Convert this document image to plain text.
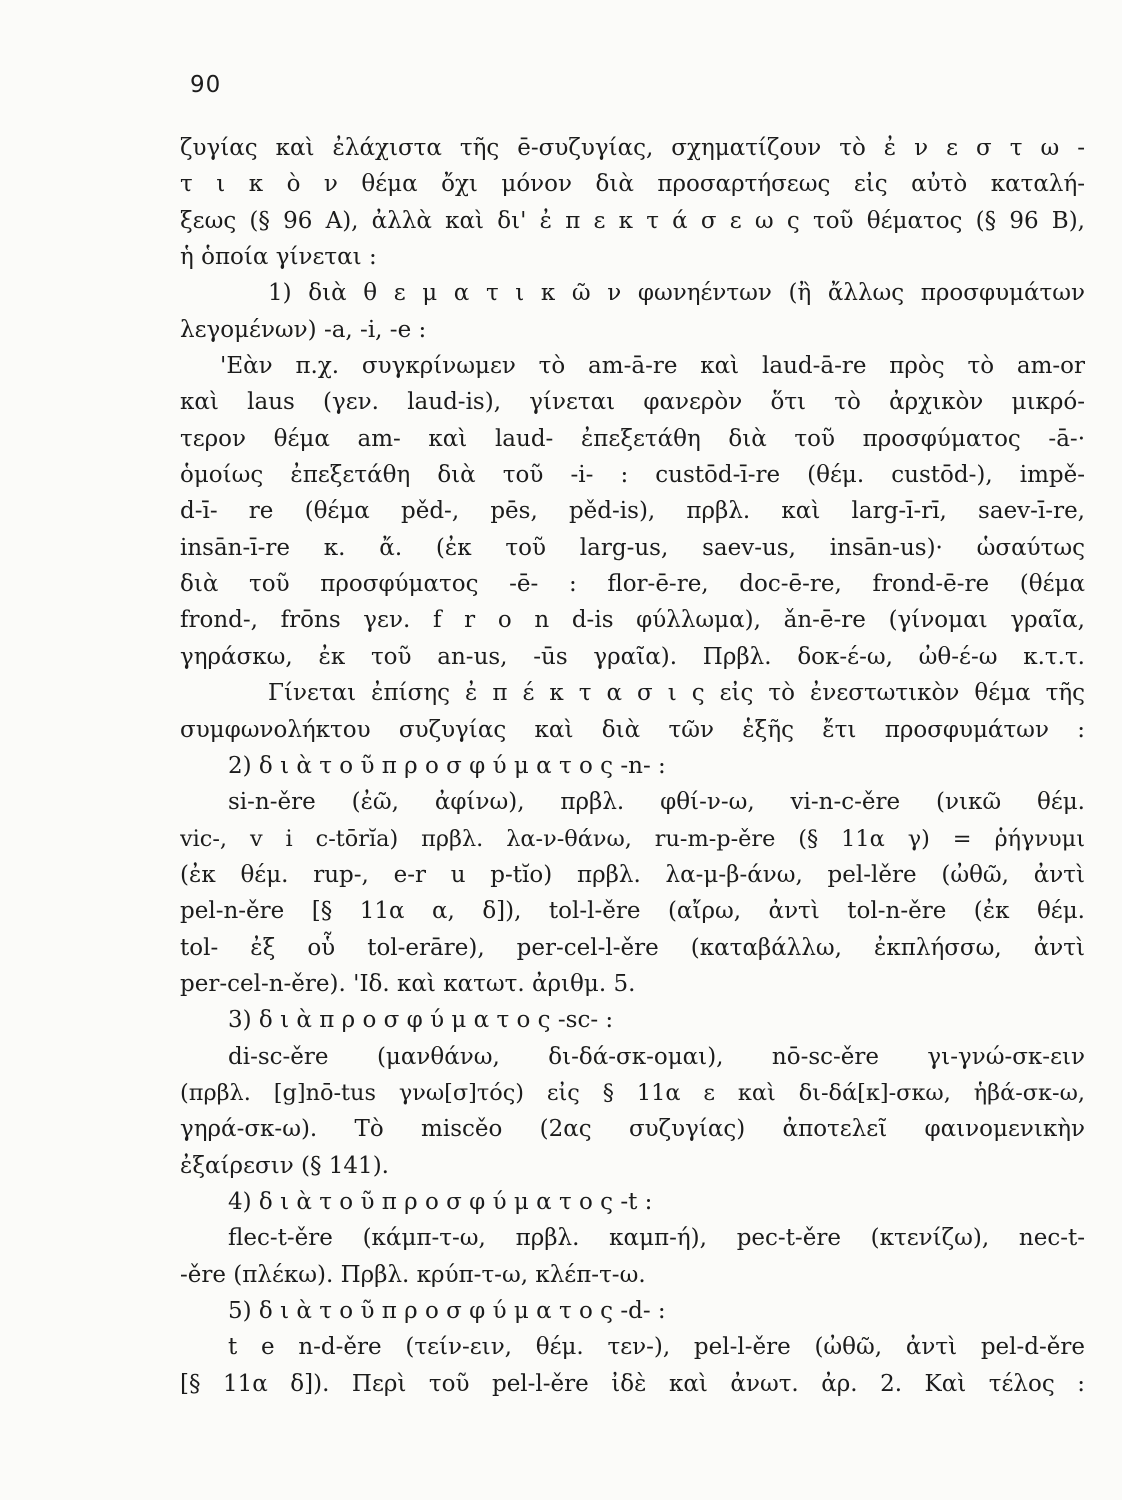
90
ζυγίας καὶ ἐλάχιστα τῆς ē-συζυγίας, σχηματίζουν τὸ ἐ ν ε σ τ ω -
τ ι κ ὸ ν θέμα ὄχι μόνον διὰ προσαρτήσεως εἰς αὐτὸ καταλή-
ξεως (§ 96 Α), ἀλλὰ καὶ δι' ἐ π ε κ τ ά σ ε ω ς τοῦ θέματος (§ 96 Β),
ἡ ὁποία γίνεται :
1) διὰ θ ε μ α τ ι κ ῶ ν φωνηέντων (ἢ ἄλλως προσφυμάτων
λεγομένων) -a, -i, -e :
'Εὰν π.χ. συγκρίνωμεν τὸ am-ā-re καὶ laud-ā-re πρὸς τὸ am-or
καὶ laus (γεν. laud-is), γίνεται φανερὸν ὅτι τὸ ἀρχικὸν μικρό-
τερον θέμα am- καὶ laud- ἐπεξετάθη διὰ τοῦ προσφύματος -ā-·
ὁμοίως ἐπεξετάθη διὰ τοῦ -i- : custōd-ī-re (θέμ. custōd-), impě-
d-ī- re (θέμα pěd-, pēs, pěd-is), πρβλ. καὶ larg-ī-rī, saev-ī-re,
insān-ī-re κ. ἄ. (ἐκ τοῦ larg-us, saev-us, insān-us)· ὡσαύτως
διὰ τοῦ προσφύματος -ē- : flor-ē-re, doc-ē-re, frond-ē-re (θέμα
frond-, frōns γεν. f r o n d-is φύλλωμα), ǎn-ē-re (γίνομαι γραῖα,
γηράσκω, ἐκ τοῦ an-us, -ūs γραῖα). Πρβλ. δοκ-έ-ω, ὠθ-έ-ω κ.τ.τ.
Γίνεται ἐπίσης ἐ π έ κ τ α σ ι ς εἰς τὸ ἐνεστωτικὸν θέμα τῆς
συμφωνολήκτου συζυγίας καὶ διὰ τῶν ἑξῆς ἔτι προσφυμάτων :
2) δ ι ὰ τ ο ῦ π ρ ο σ φ ύ μ α τ ο ς -n- :
si-n-ěre (ἐῶ, ἀφίνω), πρβλ. φθί-ν-ω, vi-n-c-ěre (νικῶ θέμ.
vic-, v i c-tōrĭa) πρβλ. λα-ν-θάνω, ru-m-p-ěre (§ 11α γ) = ῥήγνυμι
(ἐκ θέμ. rup-, e-r u p-tĭo) πρβλ. λα-μ-β-άνω, pel-lěre (ὠθῶ, ἀντὶ
pel-n-ěre [§ 11α α, δ]), tol-l-ěre (αἴρω, ἀντὶ tol-n-ěre (ἐκ θέμ.
tol- ἐξ οὗ tol-erāre), per-cel-l-ěre (καταβάλλω, ἐκπλήσσω, ἀντὶ
per-cel-n-ěre). 'Ιδ. καὶ κατωτ. ἀριθμ. 5.
3) δ ι ὰ π ρ ο σ φ ύ μ α τ ο ς -sc- :
di-sc-ěre (μανθάνω, δι-δά-σκ-ομαι), nō-sc-ěre γι-γνώ-σκ-ειν
(πρβλ. [g]nō-tus γνω[σ]τός) εἰς § 11α ε καὶ δι-δά[κ]-σκω, ἡβά-σκ-ω,
γηρά-σκ-ω). Τὸ miscěo (2ας συζυγίας) ἀποτελεῖ φαινομενικὴν
ἐξαίρεσιν (§ 141).
4) δ ι ὰ τ ο ῦ π ρ ο σ φ ύ μ α τ ο ς -t :
flec-t-ěre (κάμπ-τ-ω, πρβλ. καμπ-ή), pec-t-ěre (κτενίζω), nec-t-
-ěre (πλέκω). Πρβλ. κρύπ-τ-ω, κλέπ-τ-ω.
5) δ ι ὰ τ ο ῦ π ρ ο σ φ ύ μ α τ ο ς -d- :
t e n-d-ěre (τείν-ειν, θέμ. τεν-), pel-l-ěre (ὠθῶ, ἀντὶ pel-d-ěre
[§ 11α δ]). Περὶ τοῦ pel-l-ěre ἰδὲ καὶ ἀνωτ. ἀρ. 2. Καὶ τέλος :
